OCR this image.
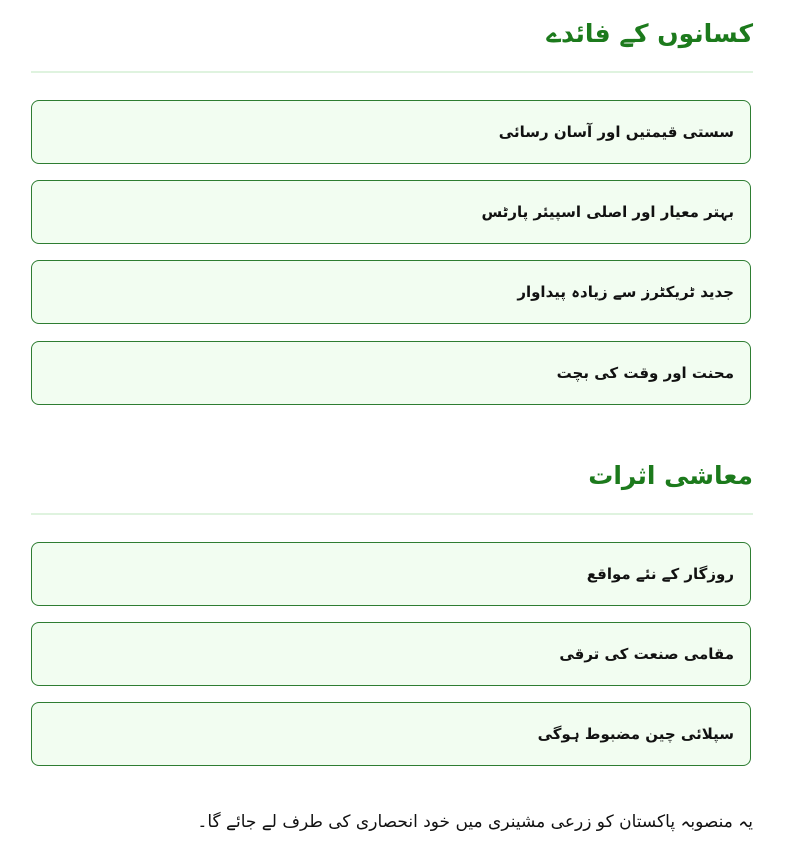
کسانوں کے فائدے
سستی قیمتیں اور آسان رسائی
بہتر معیار اور اصلی اسپیئر پارٹس
جدید ٹریکٹرز سے زیادہ پیداوار
محنت اور وقت کی بچت
معاشی اثرات
روزگار کے نئے مواقع
مقامی صنعت کی ترقی
سپلائی چین مضبوط ہوگی

یہ منصوبہ پاکستان کو زرعی مشینری میں خود انحصاری کی طرف لے جائے گا۔
